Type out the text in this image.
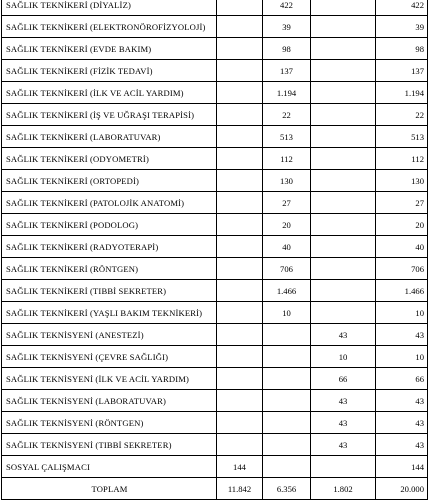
SAĞLIK TEKNİKERİ (DİYALİZ)		422		422
SAĞLIK TEKNİKERİ (ELEKTRONÖROFİZYOLOJİ)		39		39
SAĞLIK TEKNİKERİ (EVDE BAKIM)		98		98
SAĞLIK TEKNİKERİ (FİZİK TEDAVİ)		137		137
SAĞLIK TEKNİKERİ (İLK VE ACİL YARDIM)		1.194		1.194
SAĞLIK TEKNİKERİ (İŞ VE UĞRAŞI TERAPİSİ)		22		22
SAĞLIK TEKNİKERİ (LABORATUVAR)		513		513
SAĞLIK TEKNİKERİ (ODYOMETRİ)		112		112
SAĞLIK TEKNİKERİ (ORTOPEDİ)		130		130
SAĞLIK TEKNİKERİ (PATOLOJİK ANATOMİ)		27		27
SAĞLIK TEKNİKERİ (PODOLOG)		20		20
SAĞLIK TEKNİKERİ (RADYOTERAPİ)		40		40
SAĞLIK TEKNİKERİ (RÖNTGEN)		706		706
SAĞLIK TEKNİKERİ (TIBBİ SEKRETER)		1.466		1.466
SAĞLIK TEKNİKERİ (YAŞLI BAKIM TEKNİKERİ)		10		10
SAĞLIK TEKNİSYENİ (ANESTEZİ)			43	43
SAĞLIK TEKNİSYENİ (ÇEVRE SAĞLIĞI)			10	10
SAĞLIK TEKNİSYENİ (İLK VE ACİL YARDIM)			66	66
SAĞLIK TEKNİSYENİ (LABORATUVAR)			43	43
SAĞLIK TEKNİSYENİ (RÖNTGEN)			43	43
SAĞLIK TEKNİSYENİ (TIBBİ SEKRETER)			43	43
SOSYAL ÇALIŞMACI	144			144
TOPLAM	11.842	6.356	1.802	20.000
